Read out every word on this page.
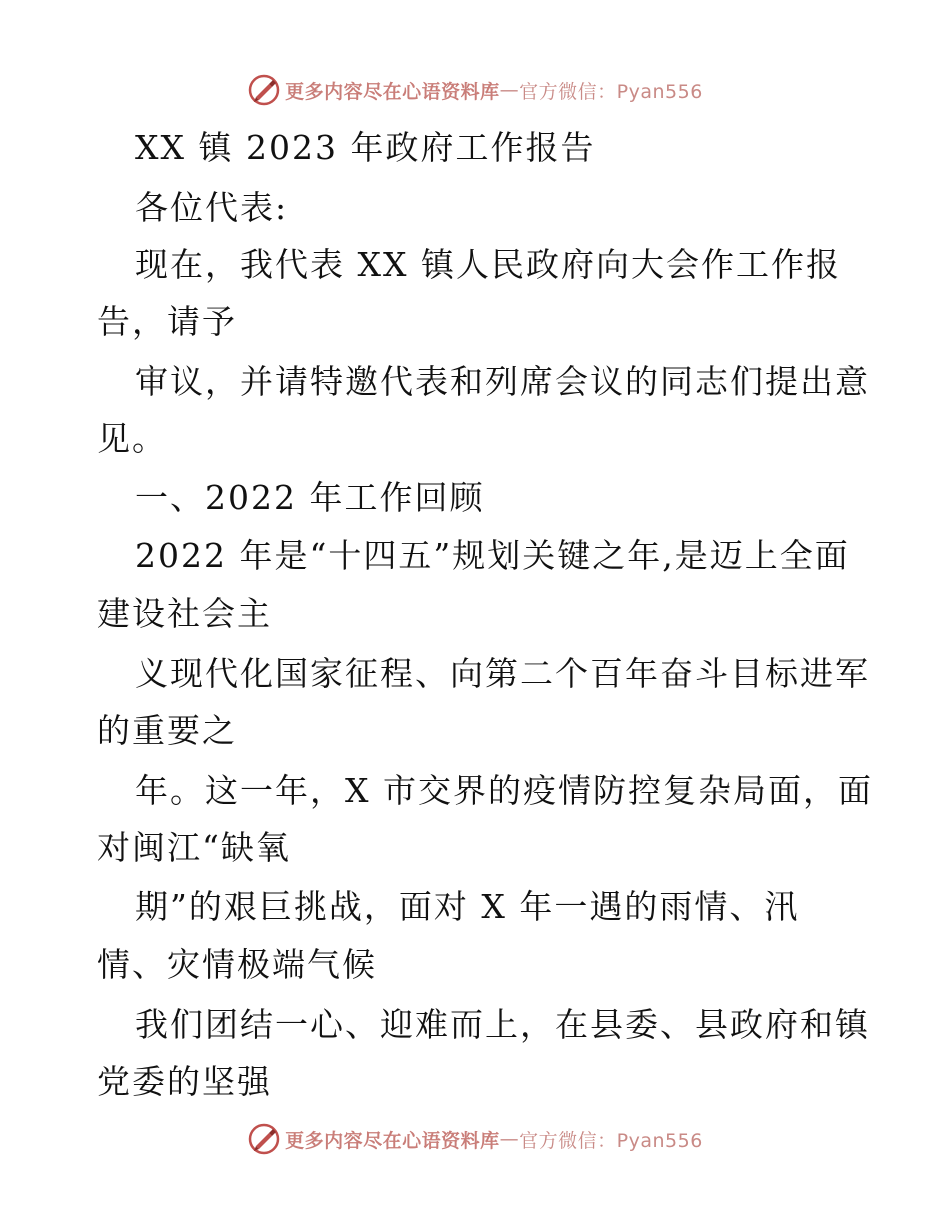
更多内容尽在心语资料库 — 官方微信：Pyan556
XX 镇 2023 年政府工作报告
各位代表:
现在，我代表 XX 镇人民政府向大会作工作报
告，请予
审议，并请特邀代表和列席会议的同志们提出意
见。
一、2022 年工作回顾
2022 年是“十四五”规划关键之年,是迈上全面
建设社会主
义现代化国家征程、向第二个百年奋斗目标进军
的重要之
年。这一年，X 市交界的疫情防控复杂局面，面
对闽江“缺氧
期”的艰巨挑战，面对 X 年一遇的雨情、汛
情、灾情极端气候
我们团结一心、迎难而上，在县委、县政府和镇
党委的坚强
更多内容尽在心语资料库 — 官方微信：Pyan556
